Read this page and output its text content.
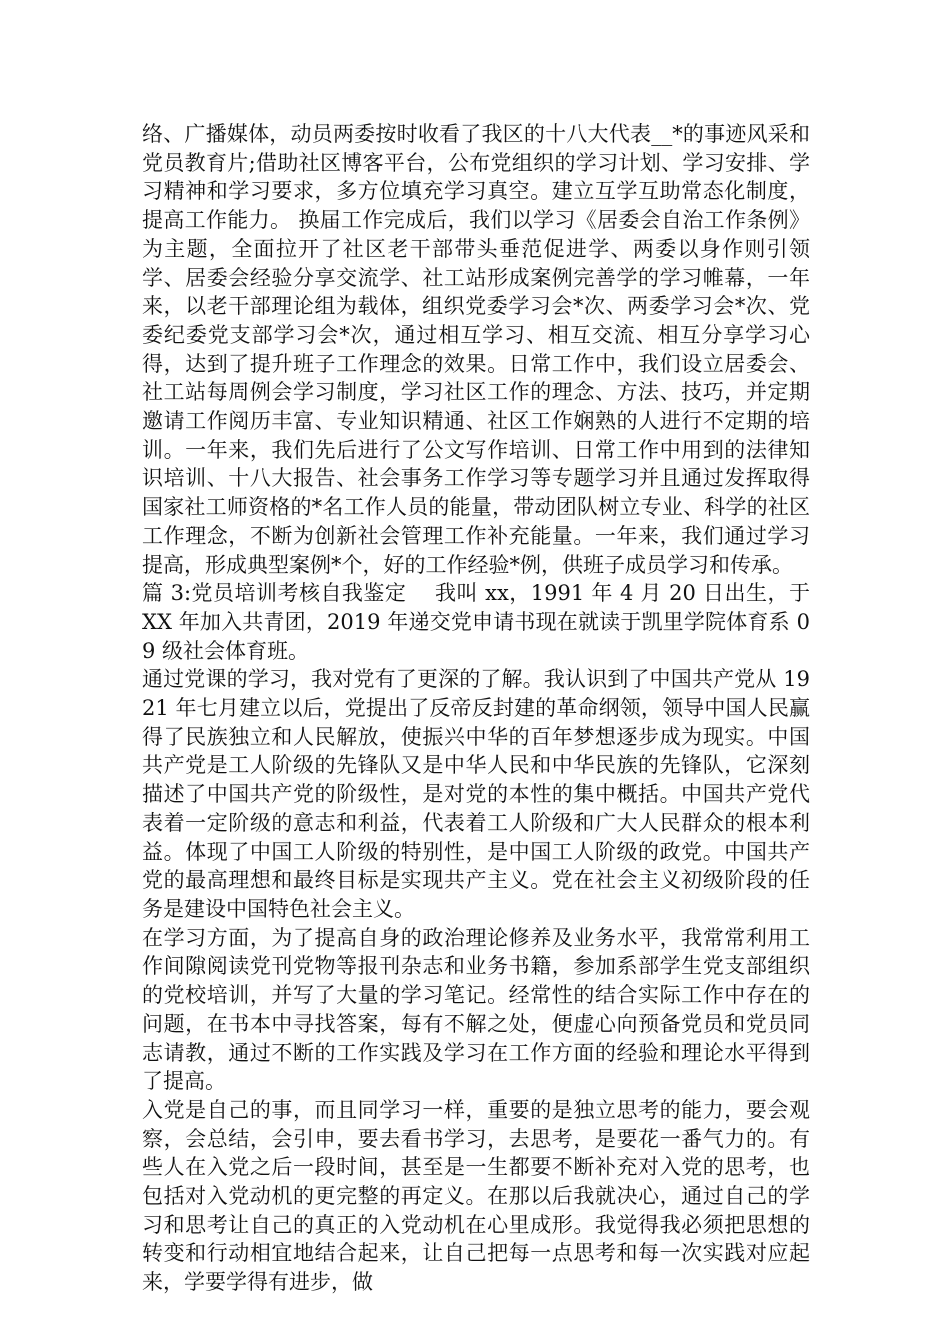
络、广播媒体，动员两委按时收看了我区的十八大代表__*的事迹风采和党员教育片;借助社区博客平台，公布党组织的学习计划、学习安排、学习精神和学习要求，多方位填充学习真空。建立互学互助常态化制度，提高工作能力。 换届工作完成后，我们以学习《居委会自治工作条例》为主题，全面拉开了社区老干部带头垂范促进学、两委以身作则引领学、居委会经验分享交流学、社工站形成案例完善学的学习帷幕，一年来，以老干部理论组为载体，组织党委学习会*次、两委学习会*次、党委纪委党支部学习会*次，通过相互学习、相互交流、相互分享学习心得，达到了提升班子工作理念的效果。日常工作中，我们设立居委会、社工站每周例会学习制度，学习社区工作的理念、方法、技巧，并定期邀请工作阅历丰富、专业知识精通、社区工作娴熟的人进行不定期的培训。一年来，我们先后进行了公文写作培训、日常工作中用到的法律知识培训、十八大报告、社会事务工作学习等专题学习并且通过发挥取得国家社工师资格的*名工作人员的能量，带动团队树立专业、科学的社区工作理念，不断为创新社会管理工作补充能量。一年来，我们通过学习提高，形成典型案例*个，好的工作经验*例，供班子成员学习和传承。

篇 3:党员培训考核自我鉴定　 我叫 xx，1991 年 4 月 20 日出生，于 XX 年加入共青团，2019 年递交党申请书现在就读于凯里学院体育系 09 级社会体育班。

通过党课的学习，我对党有了更深的了解。我认识到了中国共产党从 1921 年七月建立以后，党提出了反帝反封建的革命纲领，领导中国人民赢得了民族独立和人民解放，使振兴中华的百年梦想逐步成为现实。中国共产党是工人阶级的先锋队又是中华人民和中华民族的先锋队，它深刻描述了中国共产党的阶级性，是对党的本性的集中概括。中国共产党代表着一定阶级的意志和利益，代表着工人阶级和广大人民群众的根本利益。体现了中国工人阶级的特别性，是中国工人阶级的政党。中国共产党的最高理想和最终目标是实现共产主义。党在社会主义初级阶段的任务是建设中国特色社会主义。

在学习方面，为了提高自身的政治理论修养及业务水平，我常常利用工作间隙阅读党刊党物等报刊杂志和业务书籍，参加系部学生党支部组织的党校培训，并写了大量的学习笔记。经常性的结合实际工作中存在的问题，在书本中寻找答案，每有不解之处，便虚心向预备党员和党员同志请教，通过不断的工作实践及学习在工作方面的经验和理论水平得到了提高。

入党是自己的事，而且同学习一样，重要的是独立思考的能力，要会观察，会总结，会引申，要去看书学习，去思考，是要花一番气力的。有些人在入党之后一段时间，甚至是一生都要不断补充对入党的思考，也包括对入党动机的更完整的再定义。在那以后我就决心，通过自己的学习和思考让自己的真正的入党动机在心里成形。我觉得我必须把思想的转变和行动相宜地结合起来，让自己把每一点思考和每一次实践对应起来，学要学得有进步，做
